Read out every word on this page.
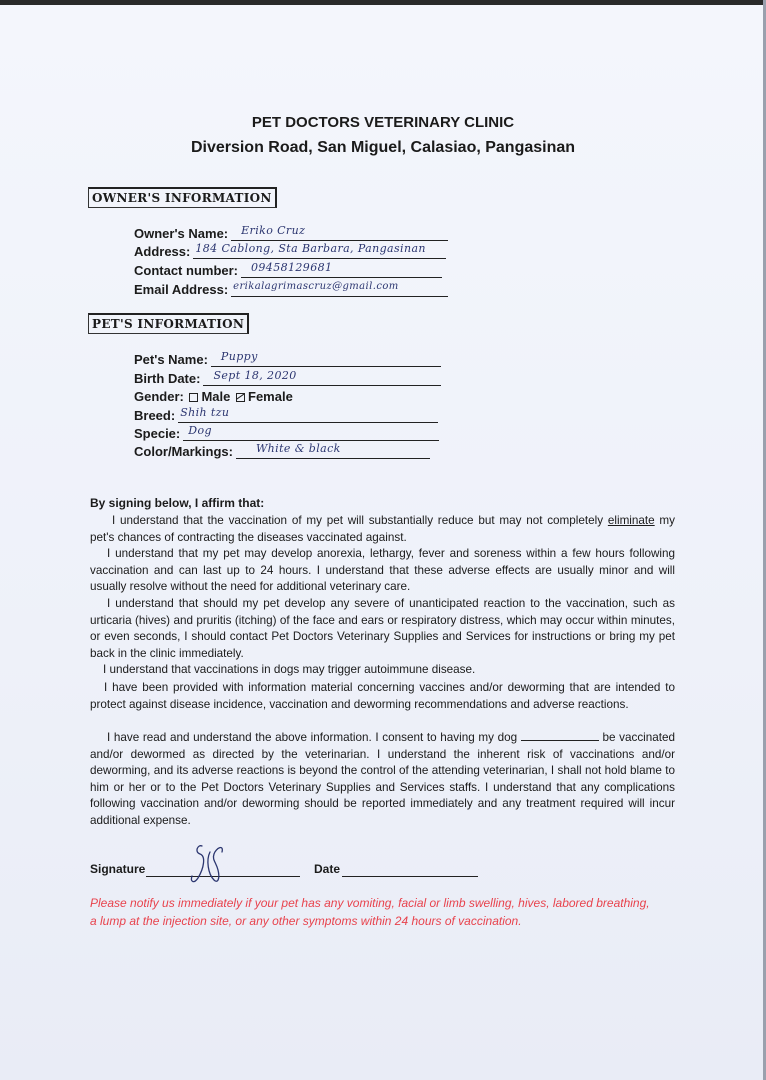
PET DOCTORS VETERINARY CLINIC
Diversion Road, San Miguel, Calasiao, Pangasinan
OWNER'S INFORMATION
Owner's Name: Eriko Cruz
Address: 184 Cablong, Sta Barbara, Pangasinan
Contact number: 09458129681
Email Address: erikalagrimascruz@gmail.com
PET'S INFORMATION
Pet's Name: Puppy
Birth Date: Sept 18, 2020
Gender: Male Female
Breed: Shih tzu
Specie: Dog
Color/Markings: White & black
By signing below, I affirm that:
I understand that the vaccination of my pet will substantially reduce but may not completely eliminate my pet's chances of contracting the diseases vaccinated against.
I understand that my pet may develop anorexia, lethargy, fever and soreness within a few hours following vaccination and can last up to 24 hours. I understand that these adverse effects are usually minor and will usually resolve without the need for additional veterinary care.
I understand that should my pet develop any severe of unanticipated reaction to the vaccination, such as urticaria (hives) and pruritis (itching) of the face and ears or respiratory distress, which may occur within minutes, or even seconds, I should contact Pet Doctors Veterinary Supplies and Services for instructions or bring my pet back in the clinic immediately.
I understand that vaccinations in dogs may trigger autoimmune disease.
I have been provided with information material concerning vaccines and/or deworming that are intended to protect against disease incidence, vaccination and deworming recommendations and adverse reactions.
I have read and understand the above information. I consent to having my dog	be vaccinated and/or dewormed as directed by the veterinarian. I understand the inherent risk of vaccinations and/or deworming, and its adverse reactions is beyond the control of the attending veterinarian, I shall not hold blame to him or her or to the Pet Doctors Veterinary Supplies and Services staffs. I understand that any complications following vaccination and/or deworming should be reported immediately and any treatment required will incur additional expense.
Signature	Date
Please notify us immediately if your pet has any vomiting, facial or limb swelling, hives, labored breathing, a lump at the injection site, or any other symptoms within 24 hours of vaccination.
